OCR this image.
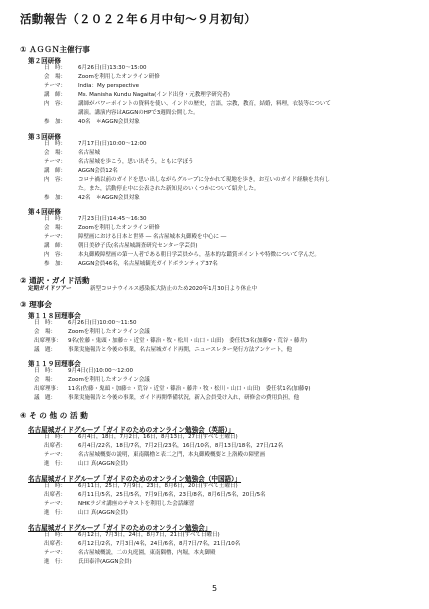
活動報告（２０２２年６月中旬〜９月初旬）
① ＡＧＧＮ主催行事
第２回研修
日　時： 6月26日(日)13:30〜15:00
会　場： Zoomを利用したオンライン研修
テーマ： India：My perspective
講　師： Ms. Manisha Kundu Nagaita(インド出身・元教理学研究者)
内　容： 講師がパワーポイントの資料を使い、インドの歴史，言語，宗教，教育，結婚，料理，衣装等について
講演。講演内容はAGGNのHPで3週間公開した。
参　加： 40名　＊AGGN会員対象
第３回研修
日　時： 7月17日(日)10:00〜12:00
会　場： 名古屋城
テーマ： 名古屋城を歩こう，思い出そう，ともに学ぼう
講　師： AGGN会員12名
内　容： コロナ禍以前のガイドを思い出しながらグループに分かれて現地を歩き，お互いのガイド経験を共有し
た。また，活動停止中に公表された新知見のいくつかについて紹介した。
参　加： 42名　＊AGGN会員対象
第４回研修
日　時： 7月23日(日)14:45〜16:30
会　場： Zoomを利用したオンライン研修
テーマ： 障壁画における日本と世界 ― 名古屋城本丸御殿を中心に ―
講　師： 朝日美砂子氏(名古屋城調査研究センター学芸員)
内　容： 本丸御殿障壁画の第一人者である朝日学芸員から，基本的な鑑賞ポイントや特徴について学んだ。
参　加： AGGN会員46名，名古屋城観光ガイドボランティア37名
② 通訳・ガイド活動
定期ガイドツアー	新型コロナウイルス感染拡大防止のため2020年1月30日より休止中
③ 理事会
第１１８回理事会
日　時： 6月26日(日)10:00〜11:50
会　場： Zoomを利用したオンライン会議
出席理事： 9名(佐藤・鬼頭・加藤☆・近堂・篠治・牧・松川・山口・山田)　委任状3名(加藤♀・荒谷・藤井)
議　題： 事業実施報告と今後の事業，名古屋城ガイド再開，ニュースレター発行方法アンケート，他
第１１９回理事会
日　時： 9月4日(日)10:00〜12:00
会　場： Zoomを利用したオンライン会議
出席理事： 11名(佐藤・鬼頭・加藤☆・荒谷・近堂・篠治・藤井・牧・松川・山口・山田)　委任状1名(加藤♀)
議　題： 事業実施報告と今後の事業，ガイド再開準備状況，新入会員受け入れ，研修会の費用負担，他
④ そ の 他 の 活 動
名古屋城ガイドグループ「ガイドのためのオンライン勉強会（英語）」
日　時： 6月4日，18日，7月2日，16日，8月13日，27日(すべて土曜日)
出席者： 6月4日/22名，18日/7名，7月2日/23名，16日/10名，8月13日/18名，27日/12名
テーマ： 名古屋城概要の説明，東南隅櫓と表二之門，本丸御殿概要と上洛殿の障壁画
進　行： 山口 真(AGGN会員)
名古屋城ガイドグループ「ガイドのためのオンライン勉強会（中国語）」
日　時： 6月11日，25日，7月9日，23日，8月6日，20日(すべて土曜日)
出席者： 6月11日/5名，25日/5名，7月9日/6名，23日/8名，8月6日/5名，20日/5名
テーマ： NHKラジオ講座のテキストを利用した会話練習
進　行： 山口 真(AGGN会員)
名古屋城ガイドグループ「ガイドのためのオンライン勉強会」
日　時： 6月12日，7月3日，24日，8月7日，21日(すべて日曜日)
出席者： 6月12日/2名，7月3日/4名，24日/6名，8月7日/7名，21日/10名
テーマ： 名古屋城概説，二の丸庭園，東南隅櫓，内堀，本丸御殿
進　行： 氏田泰洋(AGGN会員)
5
